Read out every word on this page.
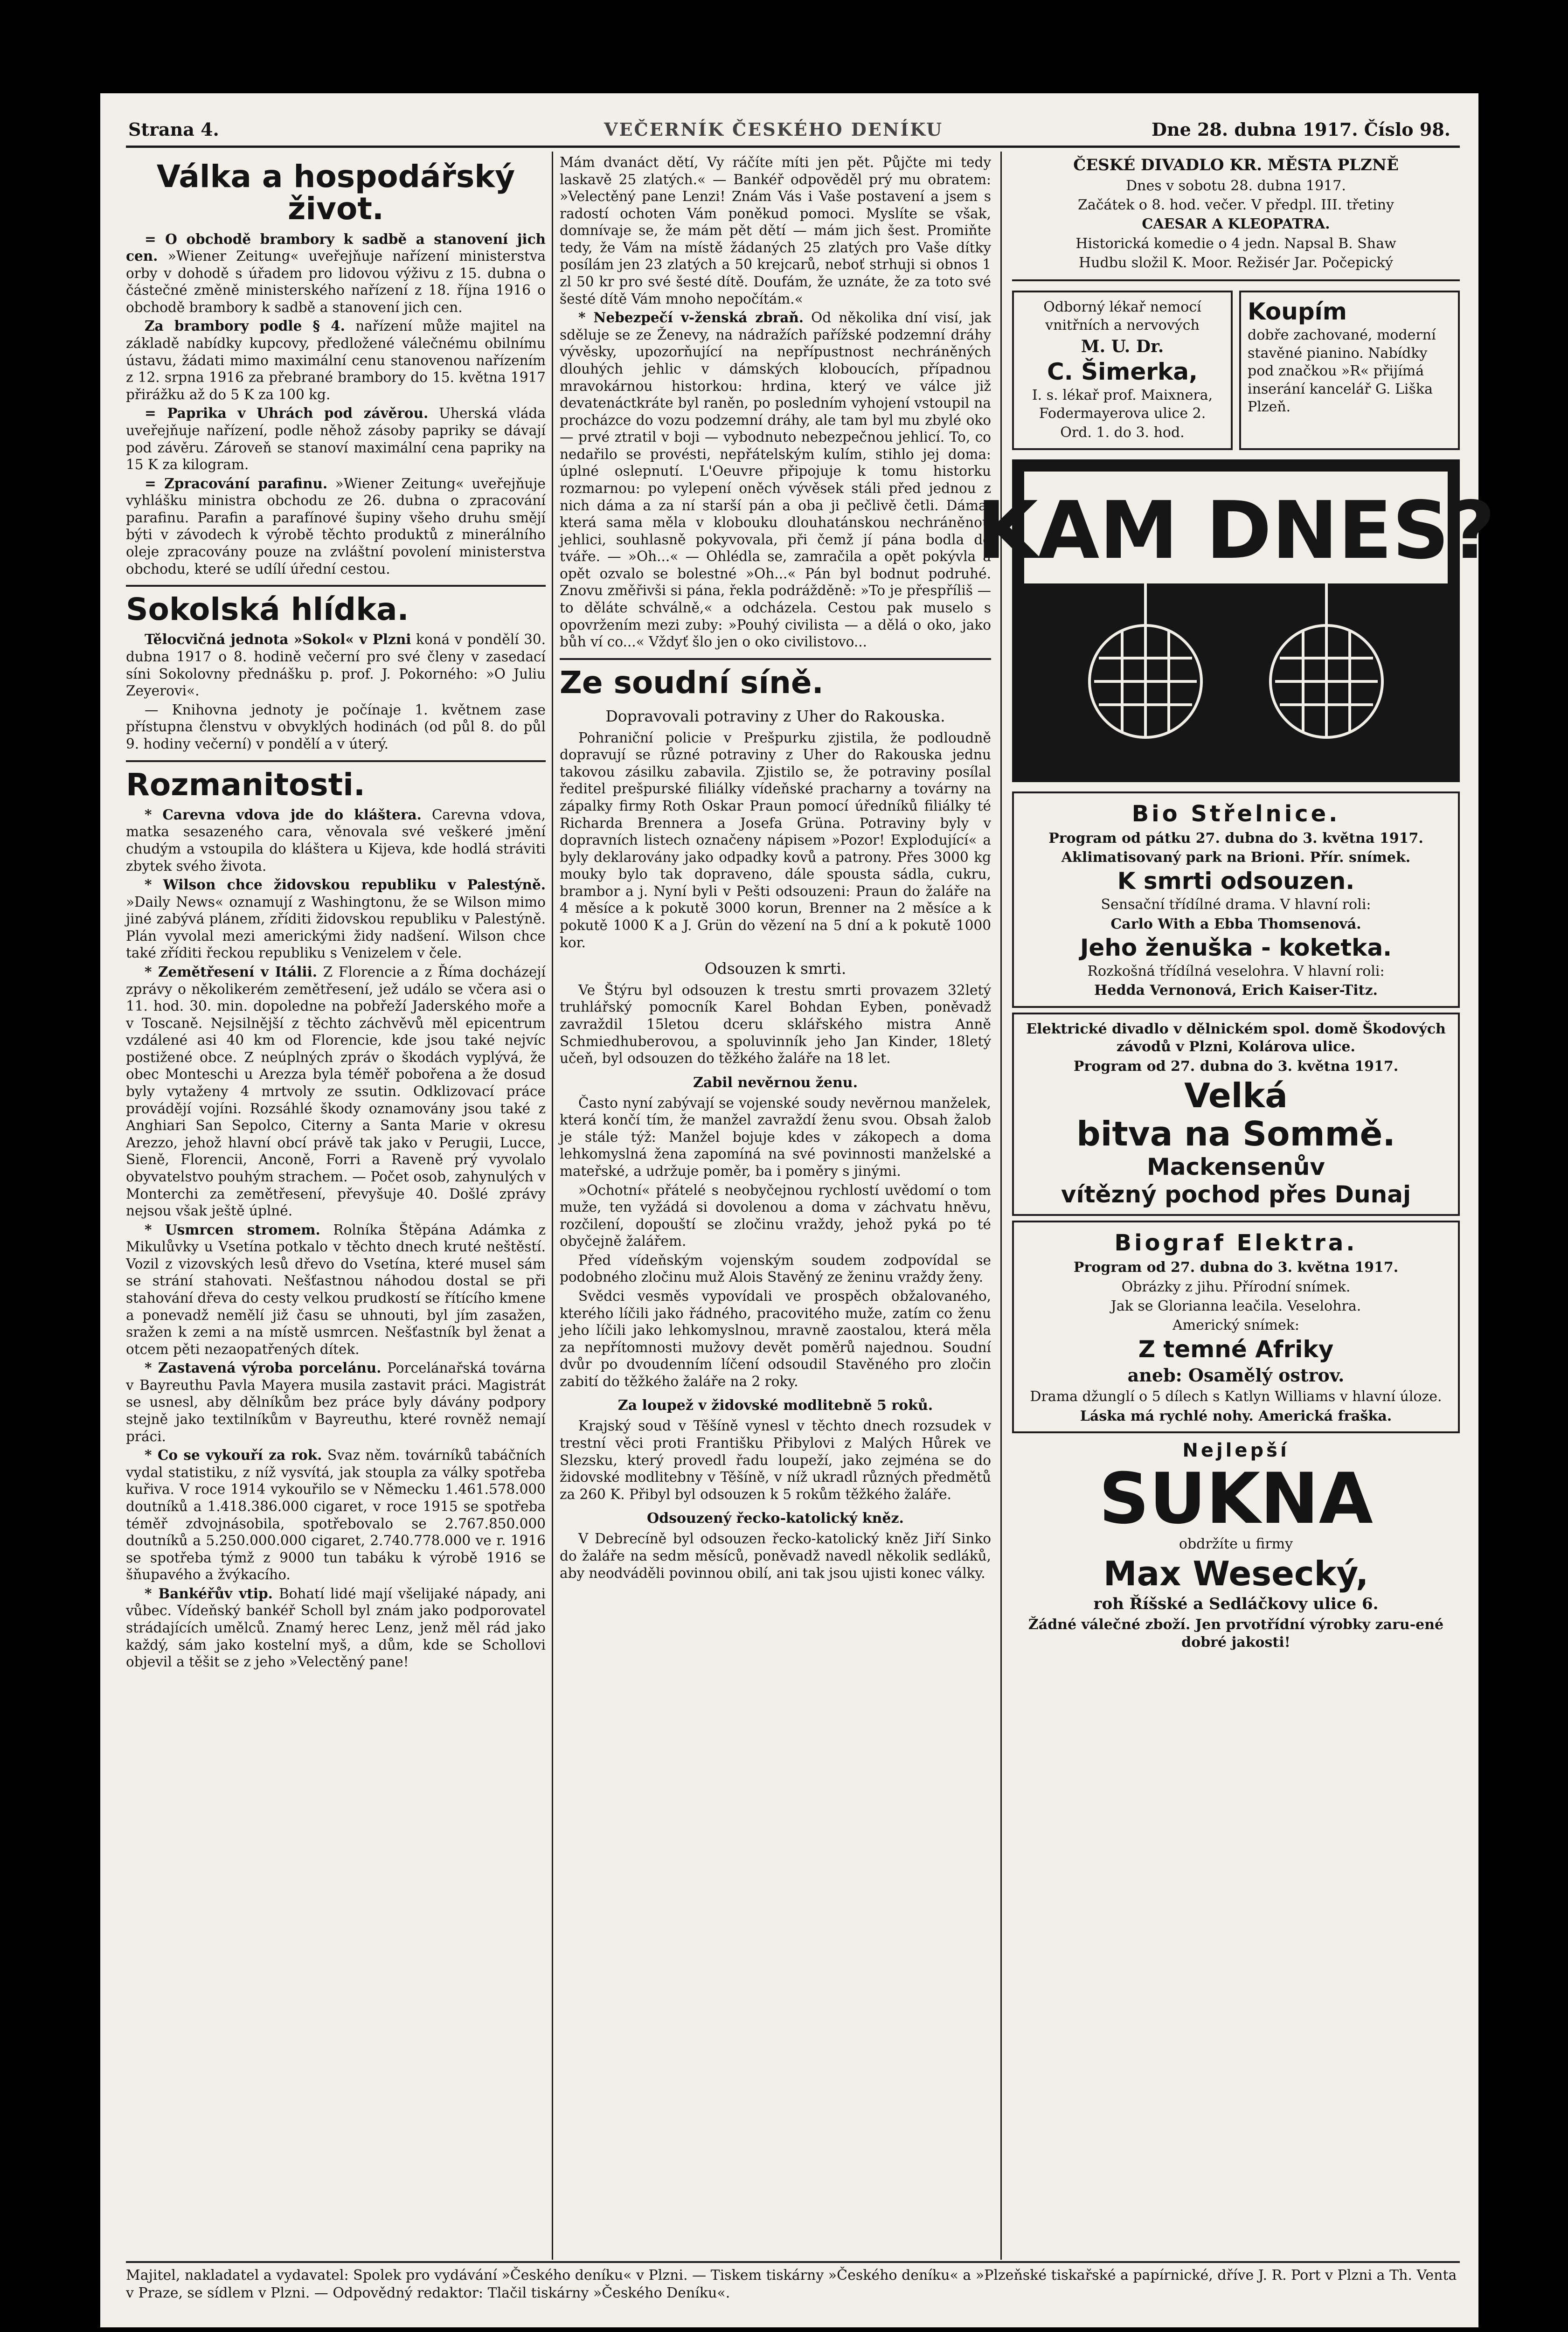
Strana 4.	VEČERNÍK ČESKÉHO DENÍKU	Dne 28. dubna 1917. Číslo 98.
Válka a hospodářský život.

= O obchodě brambory k sadbě a stanovení jich cen. »Wiener Zeitung« uveřejňuje nařízení ministerstva orby v dohodě s úřadem pro lidovou výživu z 15. dubna o částečné změně ministerského nařízení z 18. října 1916 o obchodě brambory k sadbě a stanovení jich cen.

Za brambory podle § 4. nařízení může majitel na základě nabídky kupcovy, předložené válečnému obilnímu ústavu, žádati mimo maximální cenu stanovenou nařízením z 12. srpna 1916 za přebrané brambory do 15. května 1917 přirážku až do 5 K za 100 kg.

= Paprika v Uhrách pod závěrou. Uherská vláda uveřejňuje nařízení, podle něhož zásoby papriky se dávají pod závěru. Zároveň se stanoví maximální cena papriky na 15 K za kilogram.

= Zpracování parafinu. »Wiener Zeitung« uveřejňuje vyhlášku ministra obchodu ze 26. dubna o zpracování parafinu. Parafin a parafínové šupiny všeho druhu smějí býti v závodech k výrobě těchto produktů z minerálního oleje zpracovány pouze na zvláštní povolení ministerstva obchodu, které se udílí úřední cestou.

Sokolská hlídka.

Tělocvičná jednota »Sokol« v Plzni koná v pondělí 30. dubna 1917 o 8. hodině večerní pro své členy v zasedací síni Sokolovny přednášku p. prof. J. Pokorného: »O Juliu Zeyerovi«.

— Knihovna jednoty je počínaje 1. květnem zase přístupna členstvu v obvyklých hodinách (od půl 8. do půl 9. hodiny večerní) v pondělí a v úterý.

Rozmanitosti.

* Carevna vdova jde do kláštera. Carevna vdova, matka sesazeného cara, věnovala své veškeré jmění chudým a vstoupila do kláštera u Kijeva, kde hodlá stráviti zbytek svého života.

* Wilson chce židovskou republiku v Palestýně. »Daily News« oznamují z Washingtonu, že se Wilson mimo jiné zabývá plánem, zříditi židovskou republiku v Palestýně. Plán vyvolal mezi americkými židy nadšení. Wilson chce také zříditi řeckou republiku s Venizelem v čele.

* Zemětřesení v Itálii. Z Florencie a z Říma docházejí zprávy o několikerém zemětřesení, jež událo se včera asi o 11. hod. 30. min. dopoledne na pobřeží Jaderského moře a v Toscaně. Nejsilnější z těchto záchvěvů měl epicentrum vzdálené asi 40 km od Florencie, kde jsou také nejvíc postižené obce. Z neúplných zpráv o škodách vyplývá, že obec Monteschi u Arezza byla téměř pobořena a že dosud byly vytaženy 4 mrtvoly ze ssutin. Odklizovací práce provádějí vojíni. Rozsáhlé škody oznamovány jsou také z Anghiari San Sepolco, Citerny a Santa Marie v okresu Arezzo, jehož hlavní obcí právě tak jako v Perugii, Lucce, Sieně, Florencii, Anconě, Forri a Raveně prý vyvolalo obyvatelstvo pouhým strachem. — Počet osob, zahynulých v Monterchi za zemětřesení, převyšuje 40. Došlé zprávy nejsou však ještě úplné.

* Usmrcen stromem. Rolníka Štěpána Adámka z Mikulůvky u Vsetína potkalo v těchto dnech kruté neštěstí. Vozil z vizovských lesů dřevo do Vsetína, které musel sám se strání stahovati. Nešťastnou náhodou dostal se při stahování dřeva do cesty velkou prudkostí se řítícího kmene a ponevadž nemělí již času se uhnouti, byl jím zasažen, sražen k zemi a na místě usmrcen. Nešťastník byl ženat a otcem pěti nezaopatřených dítek.

* Zastavená výroba porcelánu. Porcelánařská továrna v Bayreuthu Pavla Mayera musila zastavit práci. Magistrát se usnesl, aby dělníkům bez práce byly dávány podpory stejně jako textilníkům v Bayreuthu, které rovněž nemají práci.

* Co se vykouří za rok. Svaz něm. továrníků tabáčních vydal statistiku, z níž vysvítá, jak stoupla za války spotřeba kuřiva. V roce 1914 vykouřilo se v Německu 1.461.578.000 doutníků a 1.418.386.000 cigaret, v roce 1915 se spotřeba téměř zdvojnásobila, spotřebovalo se 2.767.850.000 doutníků a 5.250.000.000 cigaret, 2.740.778.000 ve r. 1916 se spotřeba týmž z 9000 tun tabáku k výrobě 1916 se šňupavého a žvýkacího.

* Bankéřův vtip. Bohatí lidé mají všelijaké nápady, ani vůbec. Vídeňský bankéř Scholl byl znám jako podporovatel strádajících umělců. Znamý herec Lenz, jenž měl rád jako každý, sám jako kostelní myš, a dům, kde se Schollovi objevil a těšit se z jeho »Velectěný pane!

Mám dvanáct dětí, Vy ráčíte míti jen pět. Půjčte mi tedy laskavě 25 zlatých.« — Bankéř odpověděl prý mu obratem: »Velectěný pane Lenzi! Znám Vás i Vaše postavení a jsem s radostí ochoten Vám poněkud pomoci. Myslíte se však, domnívaje se, že mám pět dětí — mám jich šest. Promiňte tedy, že Vám na místě žádaných 25 zlatých pro Vaše dítky posílám jen 23 zlatých a 50 krejcarů, neboť strhuji si obnos 1 zl 50 kr pro své šesté dítě. Doufám, že uznáte, že za toto své šesté dítě Vám mnoho nepočítám.«

* Nebezpečí v-ženská zbraň. Od několika dní visí, jak sděluje se ze Ženevy, na nádražích pařížské podzemní dráhy vývěsky, upozorňující na nepřípustnost nechráněných dlouhých jehlic v dámských kloboucích, případnou mravokárnou historkou: hrdina, který ve válce již devatenáctkráte byl raněn, po posledním vyhojení vstoupil na procházce do vozu podzemní dráhy, ale tam byl mu zbylé oko — prvé ztratil v boji — vybodnuto nebezpečnou jehlicí. To, co nedařilo se provésti, nepřátelským kulím, stihlo jej doma: úplné oslepnutí. L'Oeuvre připojuje k tomu historku rozmarnou: po vylepení oněch vývěsek stáli před jednou z nich dáma a za ní starší pán a oba ji pečlivě četli. Dáma, která sama měla v klobouku dlouhatánskou nechráněnou jehlici, souhlasně pokyvovala, při čemž jí pána bodla do tváře. — »Oh...« — Ohlédla se, zamračila a opět pokývla a opět ozvalo se bolestné »Oh...« Pán byl bodnut podruhé. Znovu změřivši si pána, řekla podrážděně: »To je přespříliš — to děláte schválně,« a odcházela. Cestou pak muselo s opovržením mezi zuby: »Pouhý civilista — a dělá o oko, jako bůh ví co...« Vždyť šlo jen o oko civilistovo...

Ze soudní síně.
Dopravovali potraviny z Uher do Rakouska.

Pohraniční policie v Prešpurku zjistila, že podloudně dopravují se různé potraviny z Uher do Rakouska jednu takovou zásilku zabavila. Zjistilo se, že potraviny posílal ředitel prešpurské filiálky vídeňské pracharny a továrny na zápalky firmy Roth Oskar Praun pomocí úředníků filiálky té Richarda Brennera a Josefa Grüna. Potraviny byly v dopravních listech označeny nápisem »Pozor! Explodující« a byly deklarovány jako odpadky kovů a patrony. Přes 3000 kg mouky bylo tak dopraveno, dále spousta sádla, cukru, brambor a j. Nyní byli v Pešti odsouzeni: Praun do žaláře na 4 měsíce a k pokutě 3000 korun, Brenner na 2 měsíce a k pokutě 1000 K a J. Grün do vězení na 5 dní a k pokutě 1000 kor.

Odsouzen k smrti.

Ve Štýru byl odsouzen k trestu smrti provazem 32letý truhlářský pomocník Karel Bohdan Eyben, poněvadž zavraždil 15letou dceru sklářského mistra Anně Schmiedhuberovou, a spoluvinník jeho Jan Kinder, 18letý učeň, byl odsouzen do těžkého žaláře na 18 let.

Zabil nevěrnou ženu.

Často nyní zabývají se vojenské soudy nevěrnou manželek, která končí tím, že manžel zavraždí ženu svou. Obsah žalob je stále týž: Manžel bojuje kdes v zákopech a doma lehkomyslná žena zapomíná na své povinnosti manželské a mateřské, a udržuje poměr, ba i poměry s jinými.

»Ochotní« přátelé s neobyčejnou rychlostí uvědomí o tom muže, ten vyžádá si dovolenou a doma v záchvatu hněvu, rozčilení, dopouští se zločinu vraždy, jehož pyká po té obyčejně žalářem.

Před vídeňským vojenským soudem zodpovídal se podobného zločinu muž Alois Stavěný ze ženinu vraždy ženy.

Svědci vesměs vypovídali ve prospěch obžalovaného, kterého líčili jako řádného, pracovitého muže, zatím co ženu jeho líčili jako lehkomyslnou, mravně zaostalou, která měla za nepřítomnosti mužovy devět poměrů najednou. Soudní dvůr po dvoudenním líčení odsoudil Stavěného pro zločin zabití do těžkého žaláře na 2 roky.

Za loupež v židovské modlitebně 5 roků.

Krajský soud v Těšíně vynesl v těchto dnech rozsudek v trestní věci proti Františku Přibylovi z Malých Hůrek ve Slezsku, který provedl řadu loupeží, jako zejména se do židovské modlitebny v Těšíně, v níž ukradl různých předmětů za 260 K. Přibyl byl odsouzen k 5 rokům těžkého žaláře.

Odsouzený řecko-katolický kněz.

V Debrecíně byl odsouzen řecko-katolický kněz Jiří Sinko do žaláře na sedm měsíců, poněvadž navedl několik sedláků, aby neodváděli povinnou obilí, ani tak jsou ujisti konec války.

ČESKÉ DIVADLO KR. MĚSTA PLZNĚ
Dnes v sobotu 28. dubna 1917.
Začátek o 8. hod. večer. V předpl. III. třetiny
CAESAR A KLEOPATRA.
Historická komedie o 4 jedn. Napsal B. Shaw
Hudbu složil K. Moor. Režisér Jar. Počepický
Odborný lékař nemocí vnitřních a nervových
M. U. Dr.
C. Šimerka,
I. s. lékař prof. Maixnera, Fodermayerova ulice 2.
Ord. 1. do 3. hod.
Koupím
dobře zachované, moderní stavěné pianino. Nabídky pod značkou »R« přijímá inserání kancelář G. Liška Plzeň.
KAM DNES?
Bio Střelnice.
Program od pátku 27. dubna do 3. května 1917.
Aklimatisovaný park na Brioni. Přír. snímek.
K smrti odsouzen.
Sensační třídílné drama. V hlavní roli:
Carlo With a Ebba Thomsenová.
Jeho ženuška - koketka.
Rozkošná třídílná veselohra. V hlavní roli:
Hedda Vernonová, Erich Kaiser-Titz.
Elektrické divadlo v dělnickém spol. domě Škodových závodů v Plzni, Kolárova ulice.
Program od 27. dubna do 3. května 1917.
Velká
bitva na Sommě.
Mackensenův
vítězný pochod přes Dunaj
Biograf Elektra.
Program od 27. dubna do 3. května 1917.
Obrázky z jihu. Přírodní snímek.
Jak se Glorianna leačila. Veselohra.
Americký snímek:
Z temné Afriky
aneb: Osamělý ostrov.
Drama džunglí o 5 dílech s Katlyn Williams v hlavní úloze.
Láska má rychlé nohy. Americká fraška.
Nejlepší
SUKNA
obdržíte u firmy
Max Wesecký,
roh Říšské a Sedláčkovy ulice 6.
Žádné válečné zboží. Jen prvotřídní výrobky zaru-ené dobré jakosti!
Majitel, nakladatel a vydavatel: Spolek pro vydávání »Českého deníku« v Plzni. — Tiskem tiskárny »Českého deníku« a »Plzeňské tiskařské a papírnické, dříve J. R. Port v Plzni a Th. Venta v Praze, se sídlem v Plzni. — Odpovědný redaktor: Tlačil tiskárny »Českého Deníku«.
